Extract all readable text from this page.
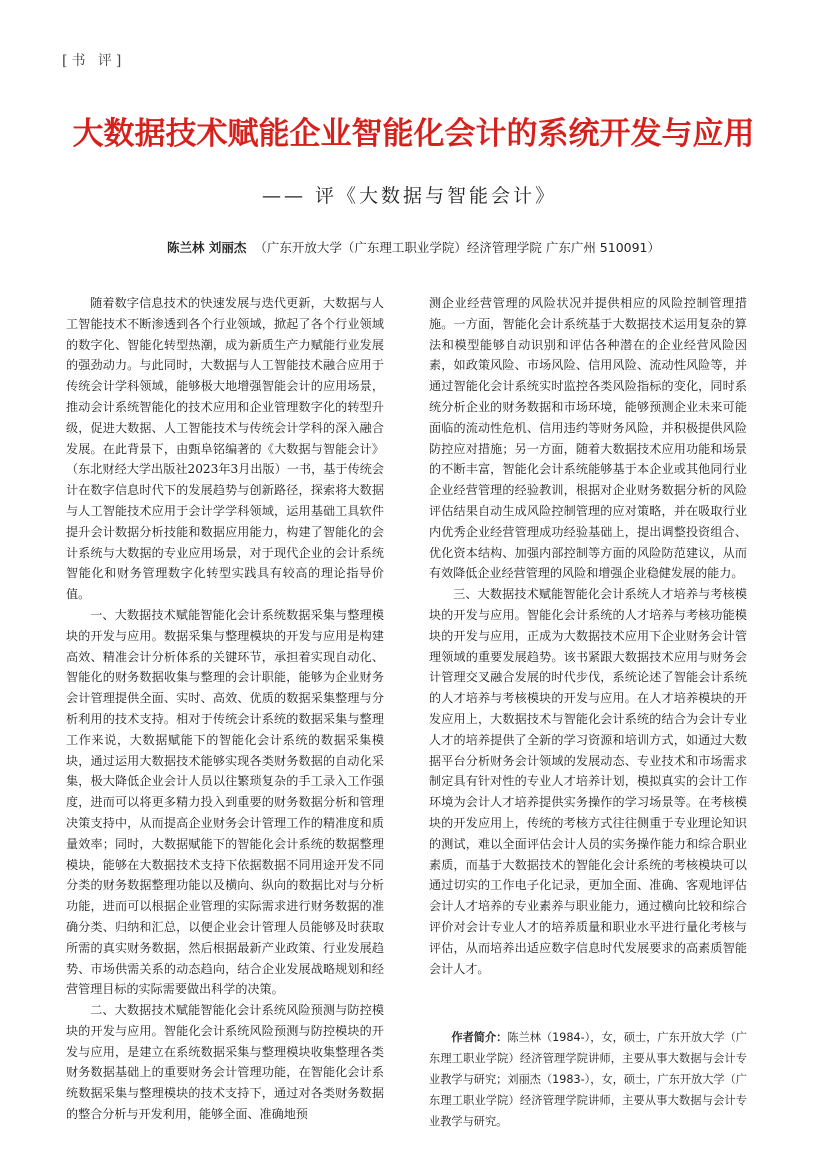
[书 评]
大数据技术赋能企业智能化会计的系统开发与应用
—— 评《大数据与智能会计》
陈兰林 刘丽杰 （广东开放大学（广东理工职业学院）经济管理学院 广东广州 510091）

随着数字信息技术的快速发展与迭代更新，大数据与人工智能技术不断渗透到各个行业领域，掀起了各个行业领域的数字化、智能化转型热潮，成为新质生产力赋能行业发展的强劲动力。与此同时，大数据与人工智能技术融合应用于传统会计学科领域，能够极大地增强智能会计的应用场景，推动会计系统智能化的技术应用和企业管理数字化的转型升级，促进大数据、人工智能技术与传统会计学科的深入融合发展。在此背景下，由甄阜铭编著的《大数据与智能会计》（东北财经大学出版社2023年3月出版）一书，基于传统会计在数字信息时代下的发展趋势与创新路径，探索将大数据与人工智能技术应用于会计学学科领域，运用基础工具软件提升会计数据分析技能和数据应用能力，构建了智能化的会计系统与大数据的专业应用场景，对于现代企业的会计系统智能化和财务管理数字化转型实践具有较高的理论指导价值。

一、大数据技术赋能智能化会计系统数据采集与整理模块的开发与应用。数据采集与整理模块的开发与应用是构建高效、精准会计分析体系的关键环节，承担着实现自动化、智能化的财务数据收集与整理的会计职能，能够为企业财务会计管理提供全面、实时、高效、优质的数据采集整理与分析利用的技术支持。相对于传统会计系统的数据采集与整理工作来说，大数据赋能下的智能化会计系统的数据采集模块，通过运用大数据技术能够实现各类财务数据的自动化采集，极大降低企业会计人员以往繁琐复杂的手工录入工作强度，进而可以将更多精力投入到重要的财务数据分析和管理决策支持中，从而提高企业财务会计管理工作的精准度和质量效率；同时，大数据赋能下的智能化会计系统的数据整理模块，能够在大数据技术支持下依据数据不同用途开发不同分类的财务数据整理功能以及横向、纵向的数据比对与分析功能，进而可以根据企业管理的实际需求进行财务数据的准确分类、归纳和汇总，以便企业会计管理人员能够及时获取所需的真实财务数据，然后根据最新产业政策、行业发展趋势、市场供需关系的动态趋向，结合企业发展战略规划和经营管理目标的实际需要做出科学的决策。

二、大数据技术赋能智能化会计系统风险预测与防控模块的开发与应用。智能化会计系统风险预测与防控模块的开发与应用，是建立在系统数据采集与整理模块收集整理各类财务数据基础上的重要财务会计管理功能，在智能化会计系统数据采集与整理模块的技术支持下，通过对各类财务数据的整合分析与开发利用，能够全面、准确地预

测企业经营管理的风险状况并提供相应的风险控制管理措施。一方面，智能化会计系统基于大数据技术运用复杂的算法和模型能够自动识别和评估各种潜在的企业经营风险因素，如政策风险、市场风险、信用风险、流动性风险等，并通过智能化会计系统实时监控各类风险指标的变化，同时系统分析企业的财务数据和市场环境，能够预测企业未来可能面临的流动性危机、信用违约等财务风险，并积极提供风险防控应对措施；另一方面，随着大数据技术应用功能和场景的不断丰富，智能化会计系统能够基于本企业或其他同行业企业经营管理的经验教训，根据对企业财务数据分析的风险评估结果自动生成风险控制管理的应对策略，并在吸取行业内优秀企业经营管理成功经验基础上，提出调整投资组合、优化资本结构、加强内部控制等方面的风险防范建议，从而有效降低企业经营管理的风险和增强企业稳健发展的能力。

三、大数据技术赋能智能化会计系统人才培养与考核模块的开发与应用。智能化会计系统的人才培养与考核功能模块的开发与应用，正成为大数据技术应用下企业财务会计管理领域的重要发展趋势。该书紧跟大数据技术应用与财务会计管理交叉融合发展的时代步伐，系统论述了智能会计系统的人才培养与考核模块的开发与应用。在人才培养模块的开发应用上，大数据技术与智能化会计系统的结合为会计专业人才的培养提供了全新的学习资源和培训方式，如通过大数据平台分析财务会计领域的发展动态、专业技术和市场需求制定具有针对性的专业人才培养计划，模拟真实的会计工作环境为会计人才培养提供实务操作的学习场景等。在考核模块的开发应用上，传统的考核方式往往侧重于专业理论知识的测试，难以全面评估会计人员的实务操作能力和综合职业素质，而基于大数据技术的智能化会计系统的考核模块可以通过切实的工作电子化记录，更加全面、准确、客观地评估会计人才培养的专业素养与职业能力，通过横向比较和综合评价对会计专业人才的培养质量和职业水平进行量化考核与评估，从而培养出适应数字信息时代发展要求的高素质智能会计人才。

作者简介：陈兰林（1984-），女，硕士，广东开放大学（广东理工职业学院）经济管理学院讲师，主要从事大数据与会计专业教学与研究；刘丽杰（1983-），女，硕士，广东开放大学（广东理工职业学院）经济管理学院讲师，主要从事大数据与会计专业教学与研究。
